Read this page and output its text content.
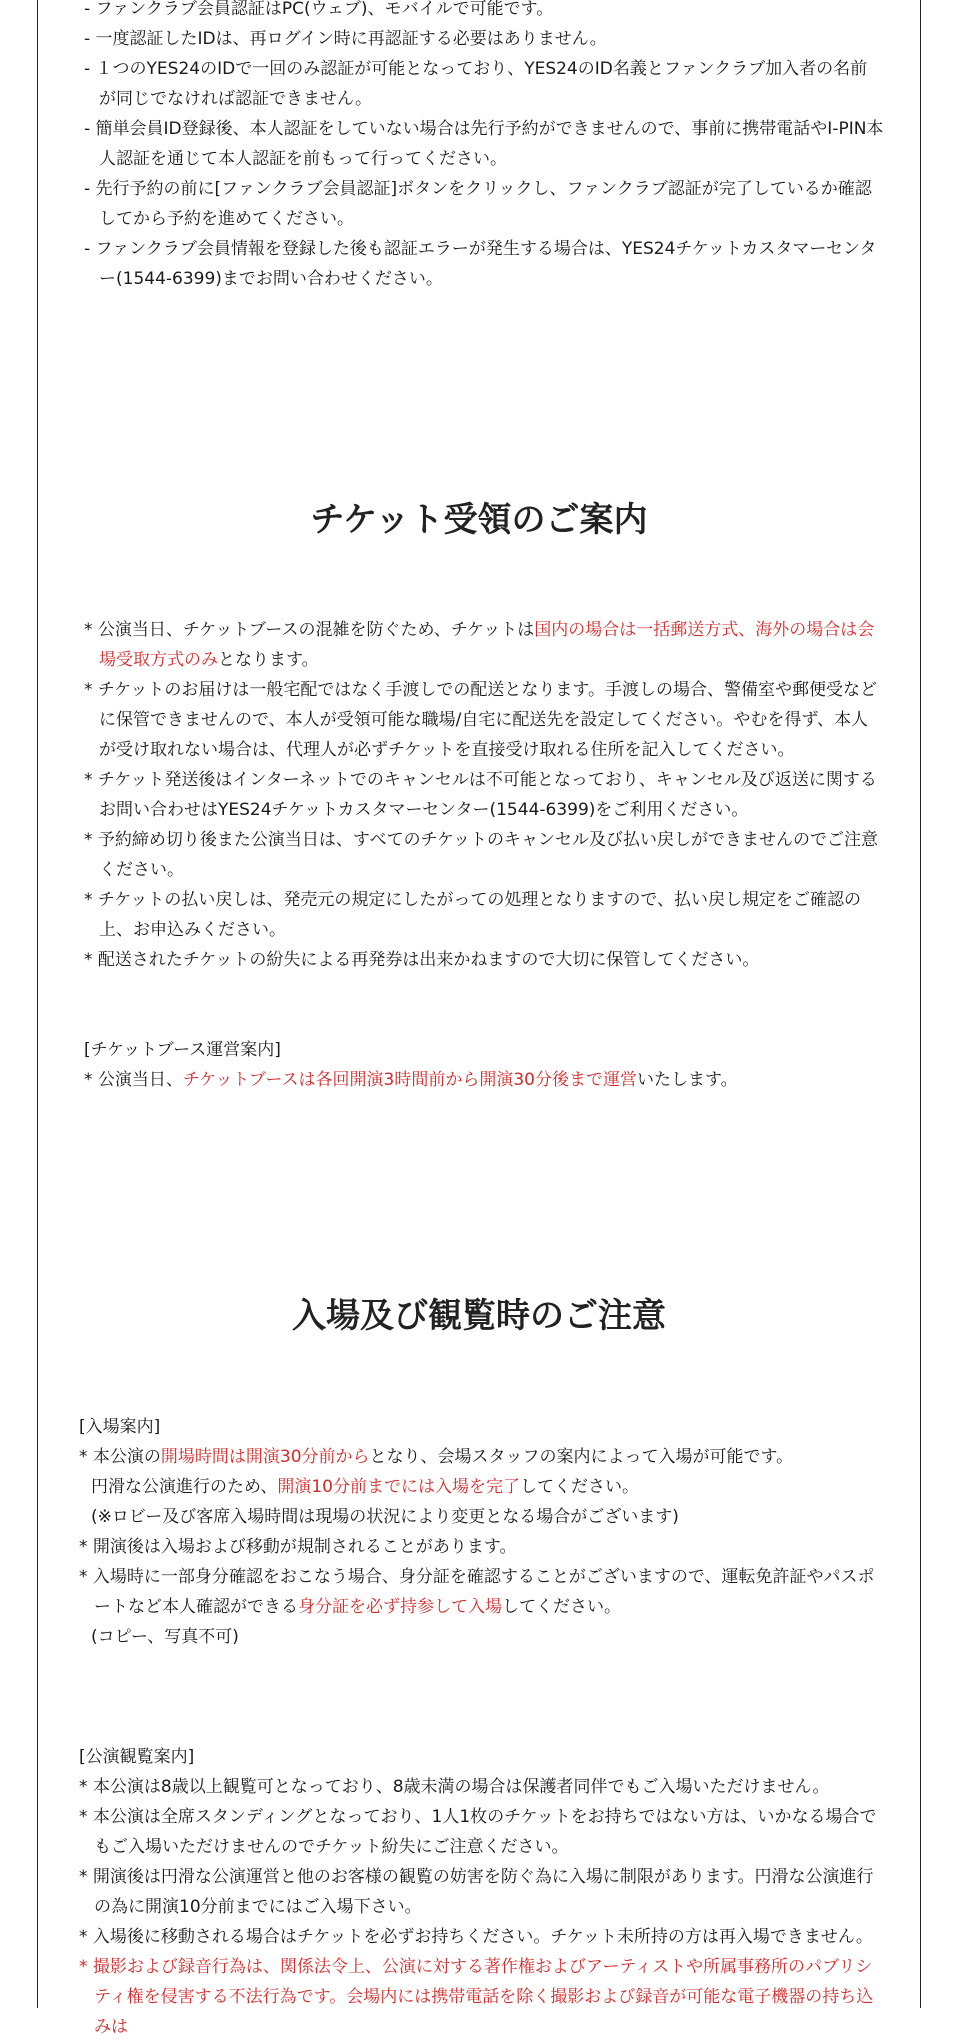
- ファンクラブ会員認証はPC(ウェブ)、モバイルで可能です。
- 一度認証したIDは、再ログイン時に再認証する必要はありません。
- １つのYES24のIDで一回のみ認証が可能となっており、YES24のID名義とファンクラブ加入者の名前が同じでなければ認証できません。
- 簡単会員ID登録後、本人認証をしていない場合は先行予約ができませんので、事前に携帯電話やI-PIN本人認証を通じて本人認証を前もって行ってください。
- 先行予約の前に[ファンクラブ会員認証]ボタンをクリックし、ファンクラブ認証が完了しているか確認してから予約を進めてください。
- ファンクラブ会員情報を登録した後も認証エラーが発生する場合は、YES24チケットカスタマーセンター(1544-6399)までお問い合わせください。
チケット受領のご案内
* 公演当日、チケットブースの混雑を防ぐため、チケットは国内の場合は一括郵送方式、海外の場合は会場受取方式のみとなります。
* チケットのお届けは一般宅配ではなく手渡しでの配送となります。手渡しの場合、警備室や郵便受などに保管できませんので、本人が受領可能な職場/自宅に配送先を設定してください。やむを得ず、本人が受け取れない場合は、代理人が必ずチケットを直接受け取れる住所を記入してください。
* チケット発送後はインターネットでのキャンセルは不可能となっており、キャンセル及び返送に関するお問い合わせはYES24チケットカスタマーセンター(1544-6399)をご利用ください。
* 予約締め切り後また公演当日は、すべてのチケットのキャンセル及び払い戻しができませんのでご注意ください。
* チケットの払い戻しは、発売元の規定にしたがっての処理となりますので、払い戻し規定をご確認の上、お申込みください。
* 配送されたチケットの紛失による再発券は出来かねますので大切に保管してください。
[チケットブース運営案内]
* 公演当日、チケットブースは各回開演3時間前から開演30分後まで運営いたします。
入場及び観覧時のご注意
[入場案内]
* 本公演の開場時間は開演30分前からとなり、会場スタッフの案内によって入場が可能です。
円滑な公演進行のため、開演10分前までには入場を完了してください。
(※ロビー及び客席入場時間は現場の状況により変更となる場合がございます)
* 開演後は入場および移動が規制されることがあります。
* 入場時に一部身分確認をおこなう場合、身分証を確認することがございますので、運転免許証やパスポートなど本人確認ができる身分証を必ず持参して入場してください。
(コピー、写真不可)
[公演観覧案内]
* 本公演は8歳以上観覧可となっており、8歳未満の場合は保護者同伴でもご入場いただけません。
* 本公演は全席スタンディングとなっており、1人1枚のチケットをお持ちではない方は、いかなる場合でもご入場いただけませんのでチケット紛失にご注意ください。
* 開演後は円滑な公演運営と他のお客様の観覧の妨害を防ぐ為に入場に制限があります。円滑な公演進行の為に開演10分前までにはご入場下さい。
* 入場後に移動される場合はチケットを必ずお持ちください。チケット未所持の方は再入場できません。
* 撮影および録音行為は、関係法令上、公演に対する著作権およびアーティストや所属事務所のパブリシティ権を侵害する不法行為です。会場内には携帯電話を除く撮影および録音が可能な電子機器の持ち込みは
